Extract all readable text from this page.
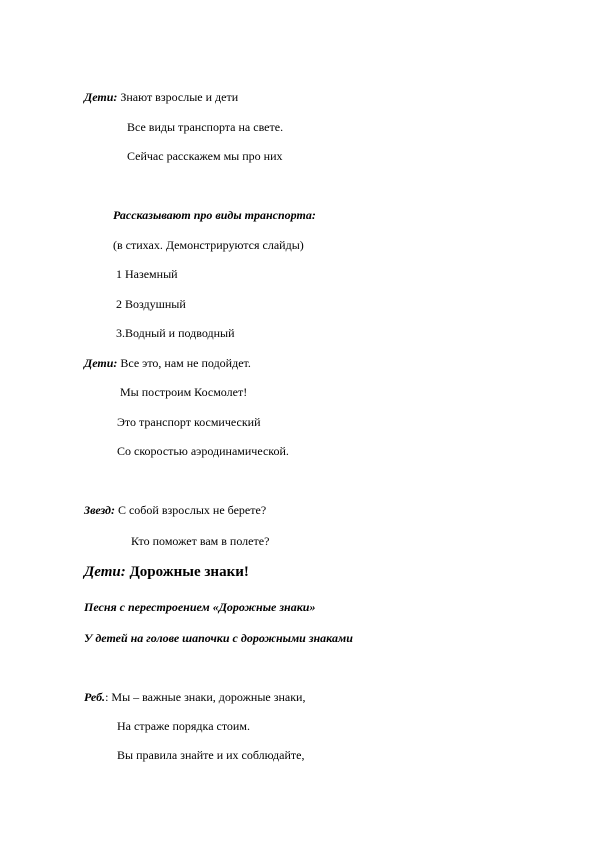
Дети: Знают взрослые и дети
Все виды транспорта на свете.
Сейчас расскажем мы про них
Рассказывают про виды транспорта:
(в стихах. Демонстрируются слайды)
1 Наземный
2 Воздушный
3.Водный и подводный
Дети: Все это, нам не подойдет.
Мы построим Космолет!
Это транспорт космический
Со скоростью аэродинамической.
Звезд: С собой взрослых не берете?
Кто поможет вам в полете?
Дети: Дорожные знаки!
Песня с перестроением «Дорожные знаки»
У детей на голове шапочки с дорожными знаками
Реб.: Мы – важные знаки, дорожные знаки,
На страже порядка стоим.
Вы правила знайте и их соблюдайте,
